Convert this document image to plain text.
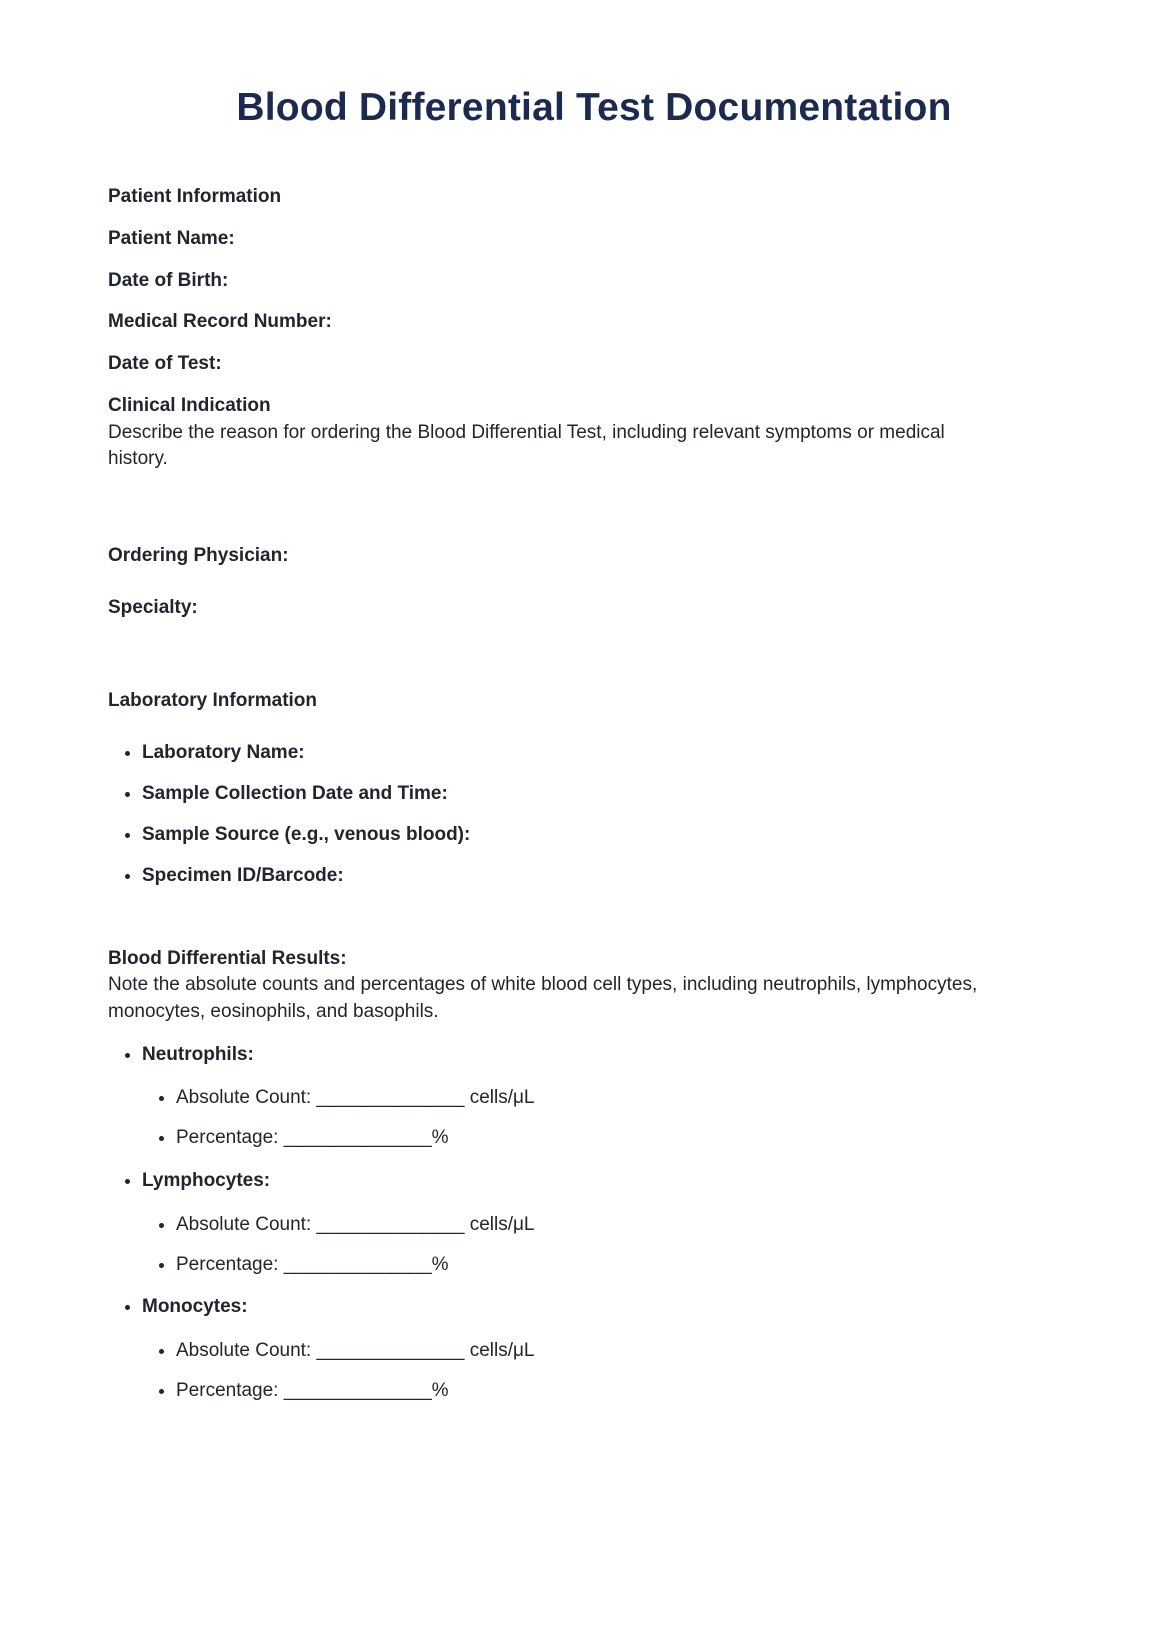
Blood Differential Test Documentation
Patient Information

Patient Name:

Date of Birth:

Medical Record Number:

Date of Test:

Clinical Indication

Describe the reason for ordering the Blood Differential Test, including relevant symptoms or medical history.

Ordering Physician:

Specialty:

Laboratory Information
• Laboratory Name:
• Sample Collection Date and Time:
• Sample Source (e.g., venous blood):
• Specimen ID/Barcode:
Blood Differential Results:

Note the absolute counts and percentages of white blood cell types, including neutrophils, lymphocytes, monocytes, eosinophils, and basophils.

• Neutrophils:
• Absolute Count: ______________ cells/μL
• Percentage: ______________%
• Lymphocytes:
• Absolute Count: ______________ cells/μL
• Percentage: ______________%
• Monocytes:
• Absolute Count: ______________ cells/μL
• Percentage: ______________%
